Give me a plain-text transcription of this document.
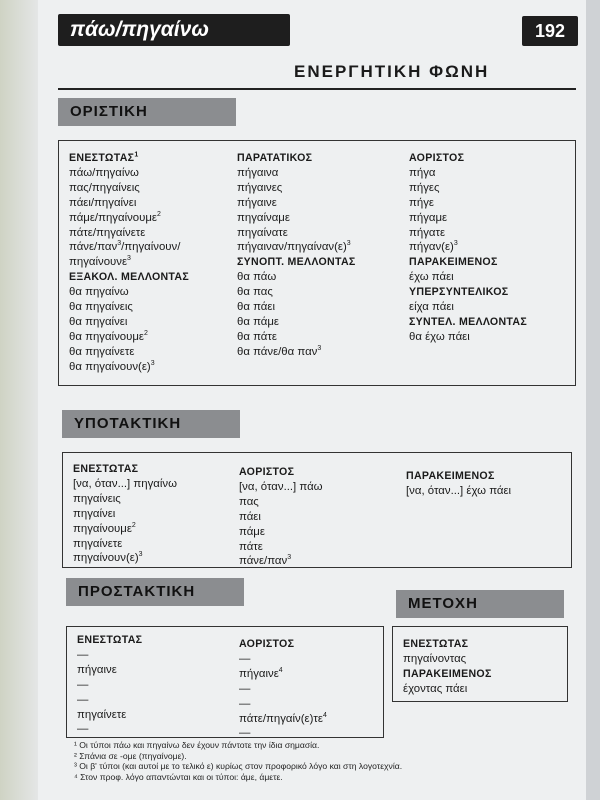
πάω/πηγαίνω	192
ΕΝΕΡΓΗΤΙΚΗ ΦΩΝΗ
ΟΡΙΣΤΙΚΗ
ΕΝΕΣΤΩΤΑΣ$^1$
πάω/πηγαίνω
πας/πηγαίνεις
πάει/πηγαίνει
πάμε/πηγαίνουμε$^2$
πάτε/πηγαίνετε
πάνε/παν$^3$/πηγαίνουν/
πηγαίνουνε$^3$
ΕΞΑΚΟΛ. ΜΕΛΛΟΝΤΑΣ
θα πηγαίνω
θα πηγαίνεις
θα πηγαίνει
θα πηγαίνουμε$^2$
θα πηγαίνετε
θα $\pi\eta\gamma\alpha ί\nu o\upsilon\nu(\varepsilon)^3$
ΠΑΡΑΤΑΤΙΚΟΣ
πήγαινα
πήγαινες
πήγαινε
πηγαίναμε
πηγαίνατε
πήγαιναν/$\pi\eta\gamma\alpha ί\nu\alpha\nu(\varepsilon)^3$
ΣΥΝΟΠΤ. ΜΕΛΛΟΝΤΑΣ
θα πάω
θα πας
θα πάει
θα πάμε
θα πάτε
θα πάνε/θα παν$^3$
ΑΟΡΙΣΤΟΣ
πήγα
πήγες
πήγε
πήγαμε
πήγατε
$\pi ή\gamma\alpha\nu(\varepsilon)^3$
ΠΑΡΑΚΕΙΜΕΝΟΣ
έχω πάει
ΥΠΕΡΣΥΝΤΕΛΙΚΟΣ
είχα πάει
ΣΥΝΤΕΛ. ΜΕΛΛΟΝΤΑΣ
θα έχω πάει
ΥΠΟΤΑΚΤΙΚΗ
ΕΝΕΣΤΩΤΑΣ
[να, όταν...] πηγαίνω
πηγαίνεις
πηγαίνει
πηγαίνουμε$^2$
πηγαίνετε
$\pi\eta\gamma\alpha ί\nu o\upsilon\nu(\varepsilon)^3$
ΑΟΡΙΣΤΟΣ
[να, όταν...] πάω
πας
πάει
πάμε
πάτε
πάνε/παν$^3$
ΠΑΡΑΚΕΙΜΕΝΟΣ
[να, όταν...] έχω πάει
ΠΡΟΣΤΑΚΤΙΚΗ
ΕΝΕΣΤΩΤΑΣ
—
πήγαινε
—
—
πηγαίνετε
—
ΑΟΡΙΣΤΟΣ
—
πήγαινε$^4$
—
—
πάτε/$\pi\eta\gamma\alpha ί\nu(\varepsilon)\tau\varepsilon^4$
—
ΜΕΤΟΧΗ
ΕΝΕΣΤΩΤΑΣ
πηγαίνοντας
ΠΑΡΑΚΕΙΜΕΝΟΣ
έχοντας πάει
¹ Οι τύποι πάω και πηγαίνω δεν έχουν πάντοτε την ίδια σημασία.
² Σπάνια σε -ομε (πηγαίνομε).
³ Οι β' τύποι (και αυτοί με το τελικό ε) κυρίως στον προφορικό λόγο και στη λογοτεχνία.
⁴ Στον προφ. λόγο απαντώνται και οι τύποι: άμε, άμετε.
